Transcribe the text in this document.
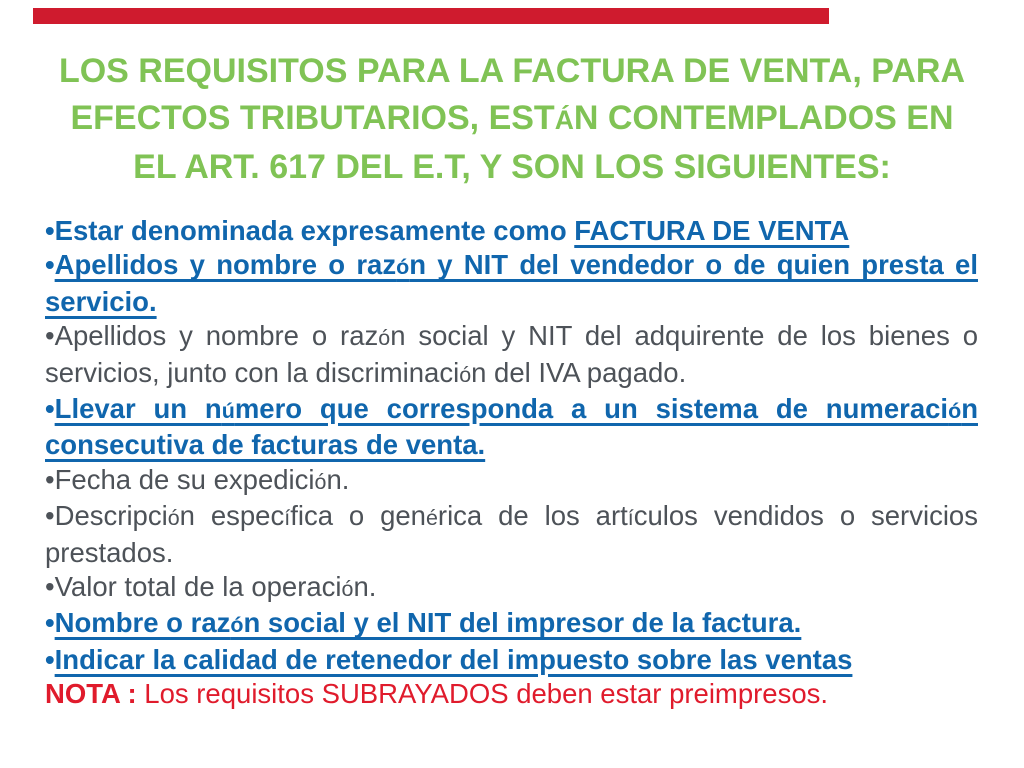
LOS REQUISITOS PARA LA FACTURA DE VENTA, PARA
EFECTOS TRIBUTARIOS, ESTÁN CONTEMPLADOS EN
EL ART. 617 DEL E.T, Y SON LOS SIGUIENTES:
•Estar denominada expresamente como FACTURA DE VENTA
•Apellidos y nombre o razón y NIT del vendedor o de quien presta el
servicio.
•Apellidos y nombre o razón social y NIT del adquirente de los bienes o
servicios, junto con la discriminación del IVA pagado.
•Llevar un número que corresponda a un sistema de numeración
consecutiva de facturas de venta.
•Fecha de su expedición.
•Descripción específica o genérica de los artículos vendidos o servicios
prestados.
•Valor total de la operación.
•Nombre o razón social y el NIT del impresor de la factura.
•Indicar la calidad de retenedor del impuesto sobre las ventas
NOTA : Los requisitos SUBRAYADOS deben estar preimpresos.
